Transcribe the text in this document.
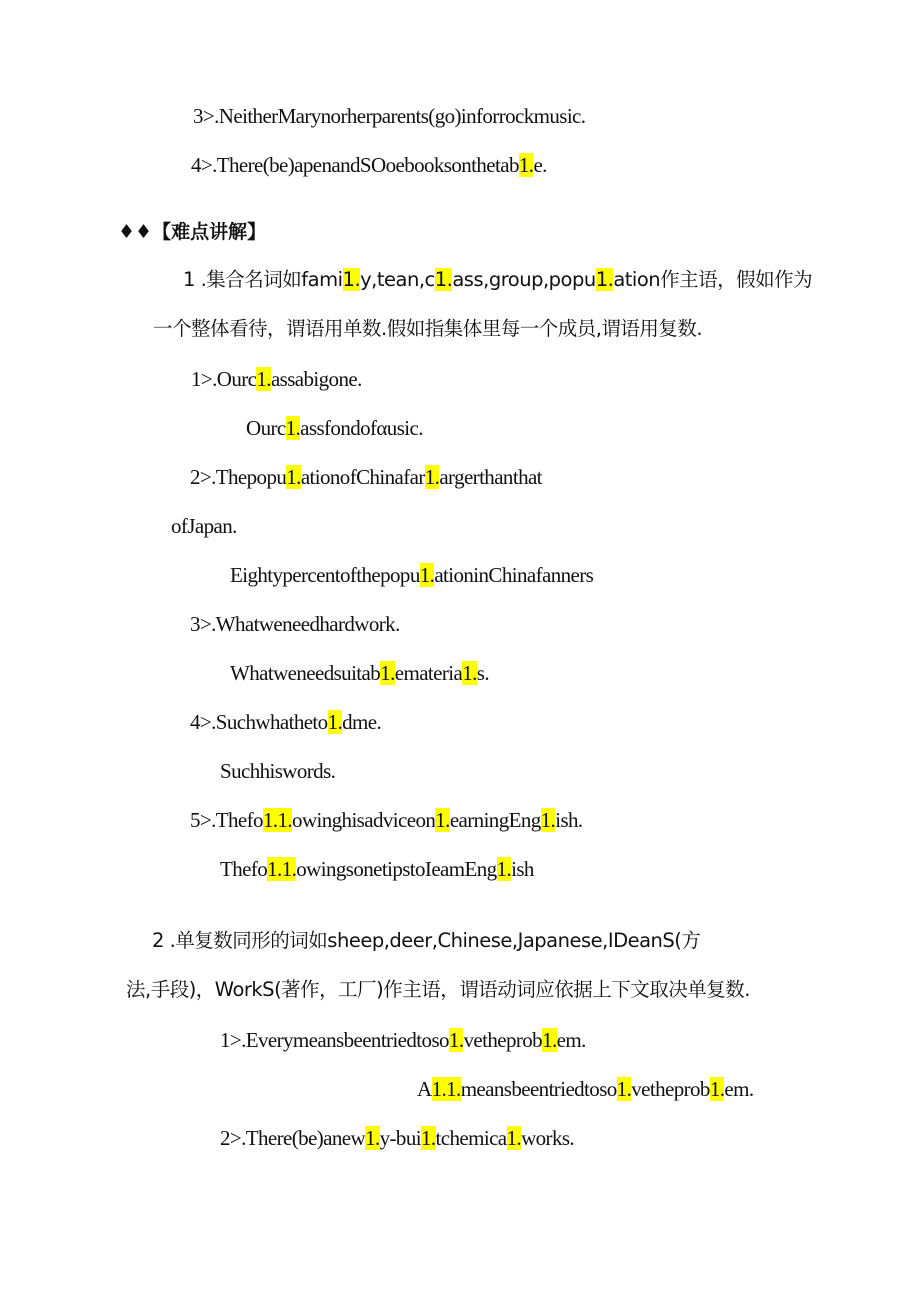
3>.NeitherMarynorherparents(go)inforrockmusic.
4>.There(be)apenandSOoebooksonthetab1.e.
♦♦【难点讲解】
1 .集合名词如fami1.y,tean,c1.ass,group,popu1.ation作主语，假如作为
一个整体看待，谓语用单数.假如指集体里每一个成员,谓语用复数.
1>.Ourc1.assabigone.
Ourc1.assfondofαusic.
2>.Thepopu1.ationofChinafar1.argerthanthat
ofJapan.
Eightypercentofthepopu1.ationinChinafanners
3>.Whatweneedhardwork.
Whatweneedsuitab1.emateria1.s.
4>.Suchwhatheto1.dme.
Suchhiswords.
5>.Thefo1.1.owinghisadviceon1.earningEng1.ish.
Thefo1.1.owingsonetipstoIeamEng1.ish
2 .单复数同形的词如sheep,deer,Chinese,Japanese,IDeanS(方
法,手段)，WorkS(著作，工厂)作主语，谓语动词应依据上下文取决单复数.
1>.Everymeansbeentriedtoso1.vetheprob1.em.
A1.1.meansbeentriedtoso1.vetheprob1.em.
2>.There(be)anew1.y-bui1.tchemica1.works.
